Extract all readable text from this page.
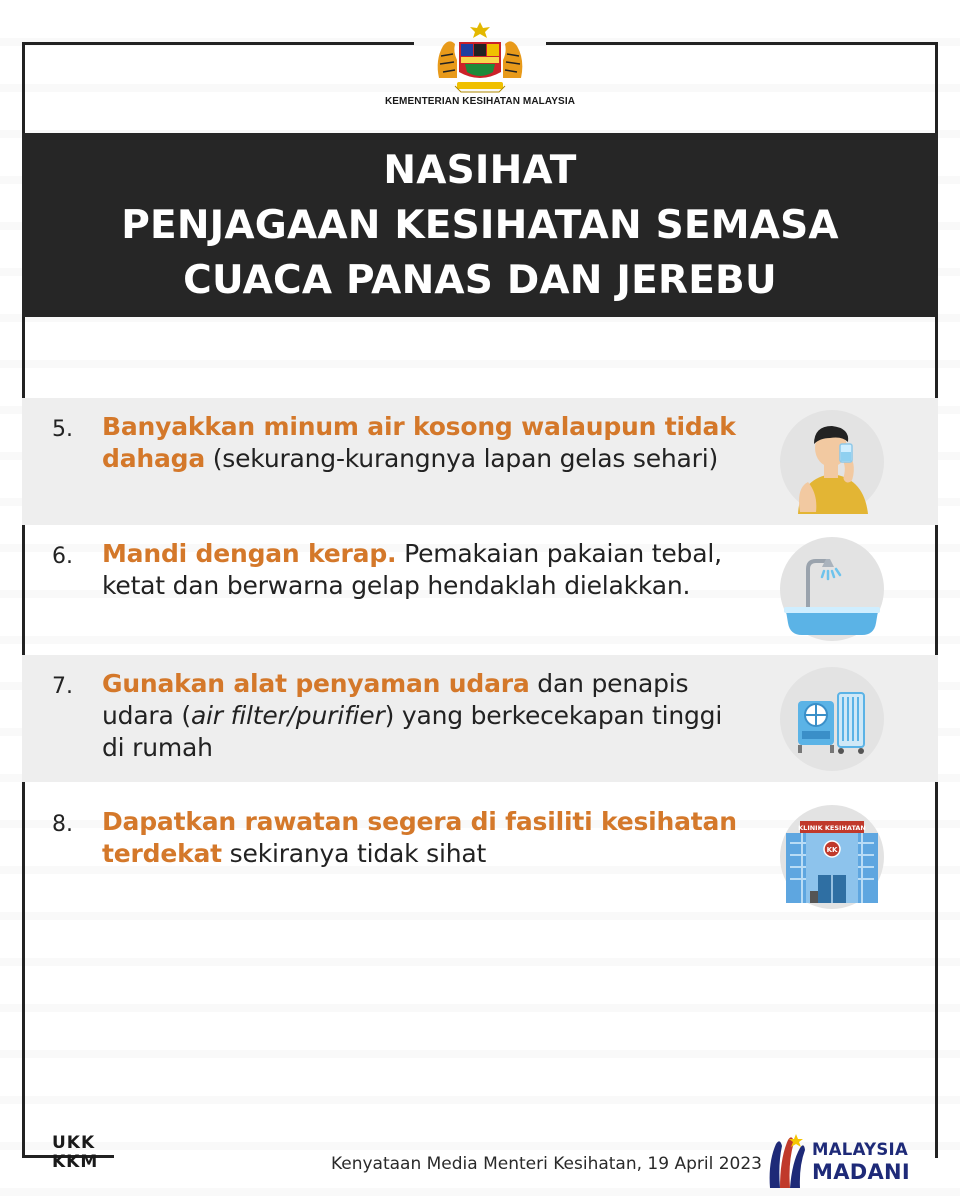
KEMENTERIAN KESIHATAN MALAYSIA
NASIHAT
PENJAGAAN KESIHATAN SEMASA
CUACA PANAS DAN JEREBU
5. Banyakkan minum air kosong walaupun tidak dahaga (sekurang-kurangnya lapan gelas sehari)
6. Mandi dengan kerap. Pemakaian pakaian tebal, ketat dan berwarna gelap hendaklah dielakkan.
7. Gunakan alat penyaman udara dan penapis udara (air filter/purifier) yang berkecekapan tinggi di rumah
8. Dapatkan rawatan segera di fasiliti kesihatan terdekat sekiranya tidak sihat
KLINIK KESIHATAN
KK
UKK
KKM	Kenyataan Media Menteri Kesihatan, 19 April 2023
MALAYSIA
MADANI
